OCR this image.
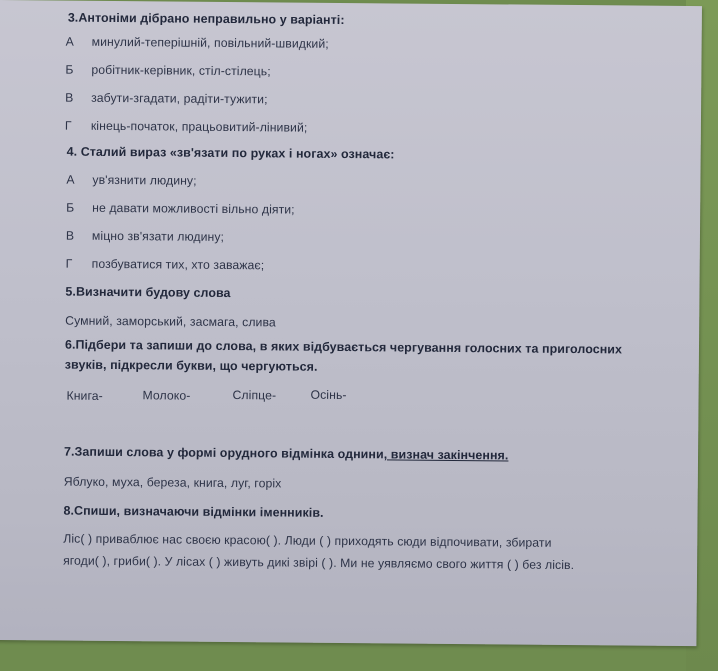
3.Антоніми дібрано неправильно у варіанті:
А минулий-теперішній, повільний-швидкий;
Б робітник-керівник, стіл-стілець;
В забути-згадати, радіти-тужити;
Г кінець-початок, працьовитий-лінивий;
4. Сталий вираз «зв'язати по руках і ногах» означає:
А ув'язнити людину;
Б не давати можливості вільно діяти;
В міцно зв'язати людину;
Г позбуватися тих, хто заважає;
5.Визначити будову слова
Сумний, заморський, засмага, слива
6.Підбери та запиши до слова, в яких відбувається чергування голосних та приголосних
звуків, підкресли букви, що чергуються.
Книга-	Молоко-	Сліпце-	Осінь-
7.Запиши слова у формі орудного відмінка однини, визнач закінчення.
Яблуко, муха, береза, книга, луг, горіх
8.Спиши, визначаючи відмінки іменників.
Ліс( ) приваблює нас своєю красою( ). Люди ( ) приходять сюди відпочивати, збирати
ягоди( ), гриби( ). У лісах ( ) живуть дикі звірі ( ). Ми не уявляємо свого життя ( ) без лісів.
